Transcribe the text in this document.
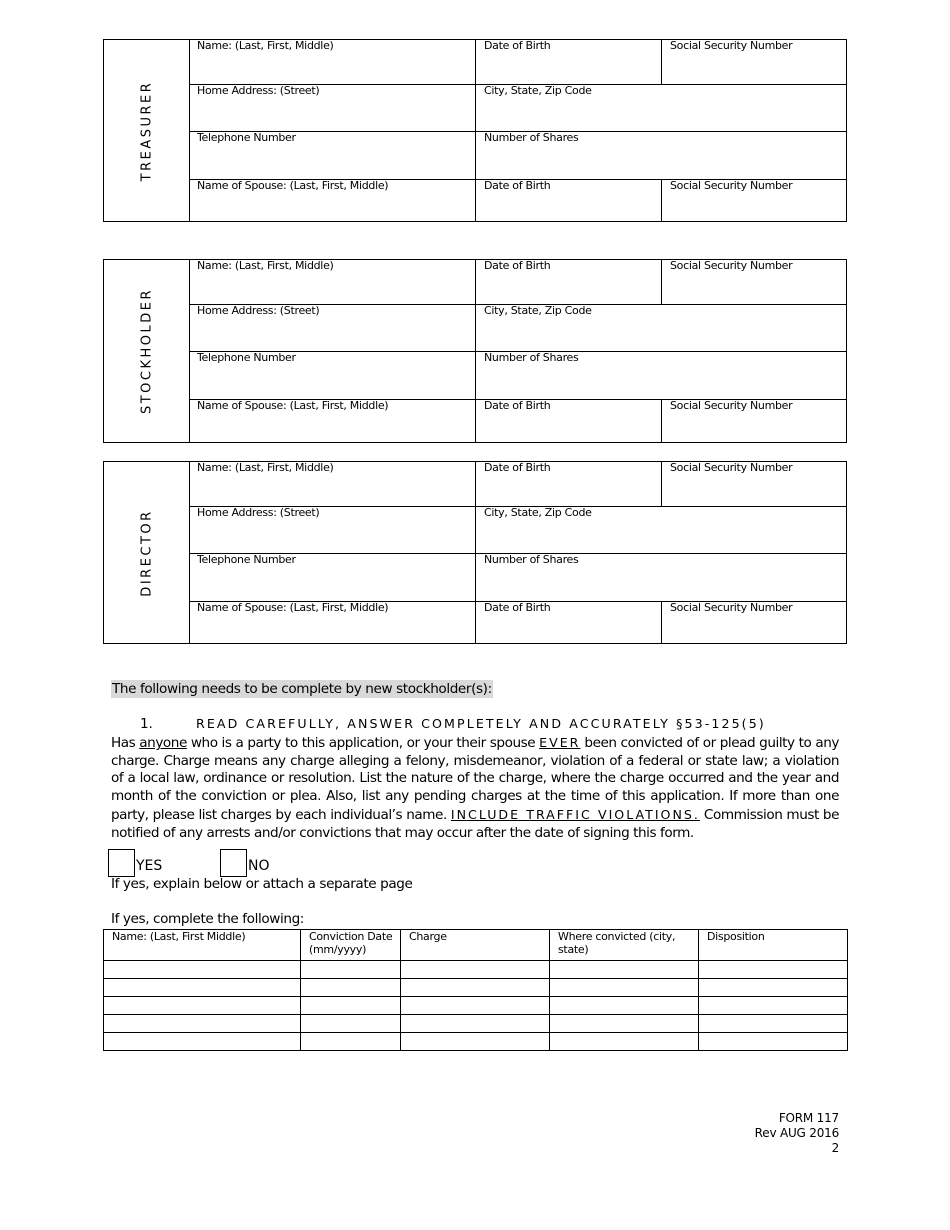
TREASURER
Name: (Last, First, Middle)	Date of Birth	Social Security Number
Home Address: (Street)	City, State, Zip Code
Telephone Number	Number of Shares
Name of Spouse: (Last, First, Middle)	Date of Birth	Social Security Number
STOCKHOLDER
Name: (Last, First, Middle)	Date of Birth	Social Security Number
Home Address: (Street)	City, State, Zip Code
Telephone Number	Number of Shares
Name of Spouse: (Last, First, Middle)	Date of Birth	Social Security Number
DIRECTOR
Name: (Last, First, Middle)	Date of Birth	Social Security Number
Home Address: (Street)	City, State, Zip Code
Telephone Number	Number of Shares
Name of Spouse: (Last, First, Middle)	Date of Birth	Social Security Number
The following needs to be complete by new stockholder(s):
1.	READ CAREFULLY, ANSWER COMPLETELY AND ACCURATELY §53-125(5)
Has anyone who is a party to this application, or your their spouse EVER been convicted of or plead guilty to any charge. Charge means any charge alleging a felony, misdemeanor, violation of a federal or state law; a violation of a local law, ordinance or resolution. List the nature of the charge, where the charge occurred and the year and month of the conviction or plea. Also, list any pending charges at the time of this application. If more than one party, please list charges by each individual’s name. INCLUDE TRAFFIC VIOLATIONS. Commission must be notified of any arrests and/or convictions that may occur after the date of signing this form.
YES	NO
If yes, explain below or attach a separate page
If yes, complete the following:
Name: (Last, First Middle)	Conviction Date (mm/yyyy)	Charge	Where convicted (city, state)	Disposition

FORM 117
Rev AUG 2016
2
